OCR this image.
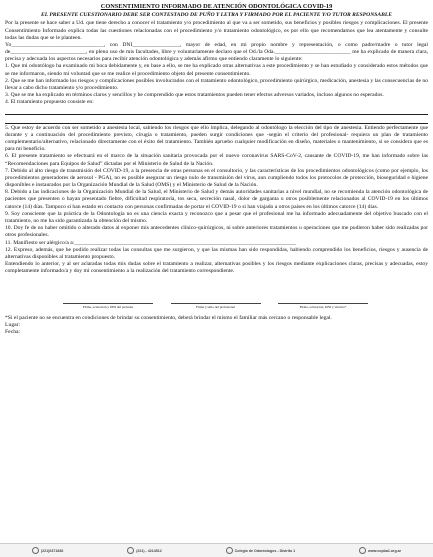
CONSENTIMIENTO INFORMADO DE ATENCIÓN ODONTOLÓGICA COVID-19
EL PRESENTE CUESTIONARIO DEBE SER CONTESTADO DE PUÑO Y LETRA Y FIRMADO POR EL PACIENTE Y/O TUTOR RESPONSABLE

Por la presente se hace saber a Ud. que tiene derecho a conocer el tratamiento y/o procedimiento al que va a ser sometido, sus beneficios y posibles riesgos y complicaciones. El presente Consentimiento Informado explica todas las cuestiones relacionadas con el procedimiento y/o tratamiento odontológico, es por ello que recomendamos que lea atentamente y consulte todas las dudas que se le planteen.

Yo_________________________________, con DNI_________________, mayor de edad, en mi propio nombre y representación, o como padre/madre o tutor legal de___________________________, en pleno uso de mis facultades, libre y voluntariamente declaro que el Od./la Oda.___________________________ me ha explicado de manera clara, precisa y adecuada los aspectos necesarios para recibir atención odontológica y además afirmo que entiendo claramente lo siguiente:

1. Que mi odontólogo ha examinado mi boca debidamente y, en base a ello, se me ha explicado otras alternativas a este procedimiento y se han estudiado y considerado estos métodos que se me informaron, siendo mi voluntad que se me realice el procedimiento objeto del presente consentimiento.

2. Que se me han informado los riesgos y complicaciones posibles involucrados con el tratamiento odontológico, procedimiento quirúrgico, medicación, anestesia y las consecuencias de no llevar a cabo dicho tratamiento y/o procedimiento.

3. Que se me ha explicado en términos claros y sencillos y he comprendido que estos tratamientos pueden tener efectos adversos variados, incluso algunos no esperados.

4. El tratamiento propuesto consiste en:

5. Que estoy de acuerdo con ser sometido a anestesia local, sabiendo los riesgos que ello implica, delegando al odontólogo la elección del tipo de anestesia. Entiendo perfectamente que durante y a continuación del procedimiento previsto, cirugía o tratamiento, pueden surgir condiciones que -según el criterio del profesional- requiera un plan de tratamiento complementario/alternativo, relacionado directamente con el éxito del tratamiento. También apruebo cualquier modificación en diseño, materiales o mantenimiento, si se considera que es para mi beneficio.

6. El presente tratamiento se efectuará en el marco de la situación sanitaria provocada por el nuevo coronavirus SARS-CoV-2, causante de COVID-19, me han informado sobre las “Recomendaciones para Equipos de Salud” dictadas por el Ministerio de Salud de la Nación.

7. Debido al alto riesgo de transmisión del COVID-19, a la presencia de otras personas en el consultorio, y las características de los procedimientos odontológicos (como por ejemplo, los procedimientos generadores de aerosol - PGA), no es posible asegurar un riesgo nulo de transmisión del virus, aun cumpliendo todos los protocolos de protección, bioseguridad e higiene disponibles e instaurados por la Organización Mundial de la Salud (OMS) y el Ministerio de Salud de la Nación.

8. Debido a las indicaciones de la Organización Mundial de la Salud, el Ministerio de Salud y demás autoridades sanitarias a nivel mundial, no se recomienda la atención odontológica de pacientes que presenten o hayan presentado fiebre, dificultad respiratoria, tos seca, secreción nasal, dolor de garganta u otros posiblemente relacionados al COVID-19 en los últimos catorce (14) días. Tampoco si han estado en contacto con personas confirmadas de portar el COVID-19 o si han viajado a otros países en los últimos catorce (14) días.

9. Soy consciente que la práctica de la Odontología no es una ciencia exacta y reconozco que a pesar que el profesional me ha informado adecuadamente del objetivo buscado con el tratamiento, no me ha sido garantizada la obtención del mismo.

10. Doy fe de no haber omitido o alterado datos al exponer mis antecedentes clínico-quirúrgicos, ni sobre anteriores tratamientos u operaciones que me pudieron haber sido realizadas por otros profesionales.

11. Manifiesto ser alérgico/a a:_______________________________________________________________________________

12. Expreso, además, que he podido realizar todas las consultas que me surgieron, y que las mismas han sido respondidas, habiendo comprendido los beneficios, riesgos y ausencia de alternativas disponibles al tratamiento propuesto.

Entendiendo lo anterior, y al ser aclaradas todas mis dudas sobre el tratamiento a realizar, alternativas posibles y los riesgos mediante explicaciones claras, precisas y adecuadas, estoy completamente informado/a y doy mi consentimiento a la realización del tratamiento correspondiente.

Firma, aclaración y DNI del paciente	Firma y sello del profesional	Firma, aclaración, DNI y vínculo*
*Si el paciente no se encuentra en condiciones de brindar su consentimiento, deberá brindar el mismo el familiar más cercano o responsable legal.
Lugar:
Fecha:
(221)6371836	(221) - 4214512	Colegio de Odontologos - Distrito 1	www.copba1.org.ar
